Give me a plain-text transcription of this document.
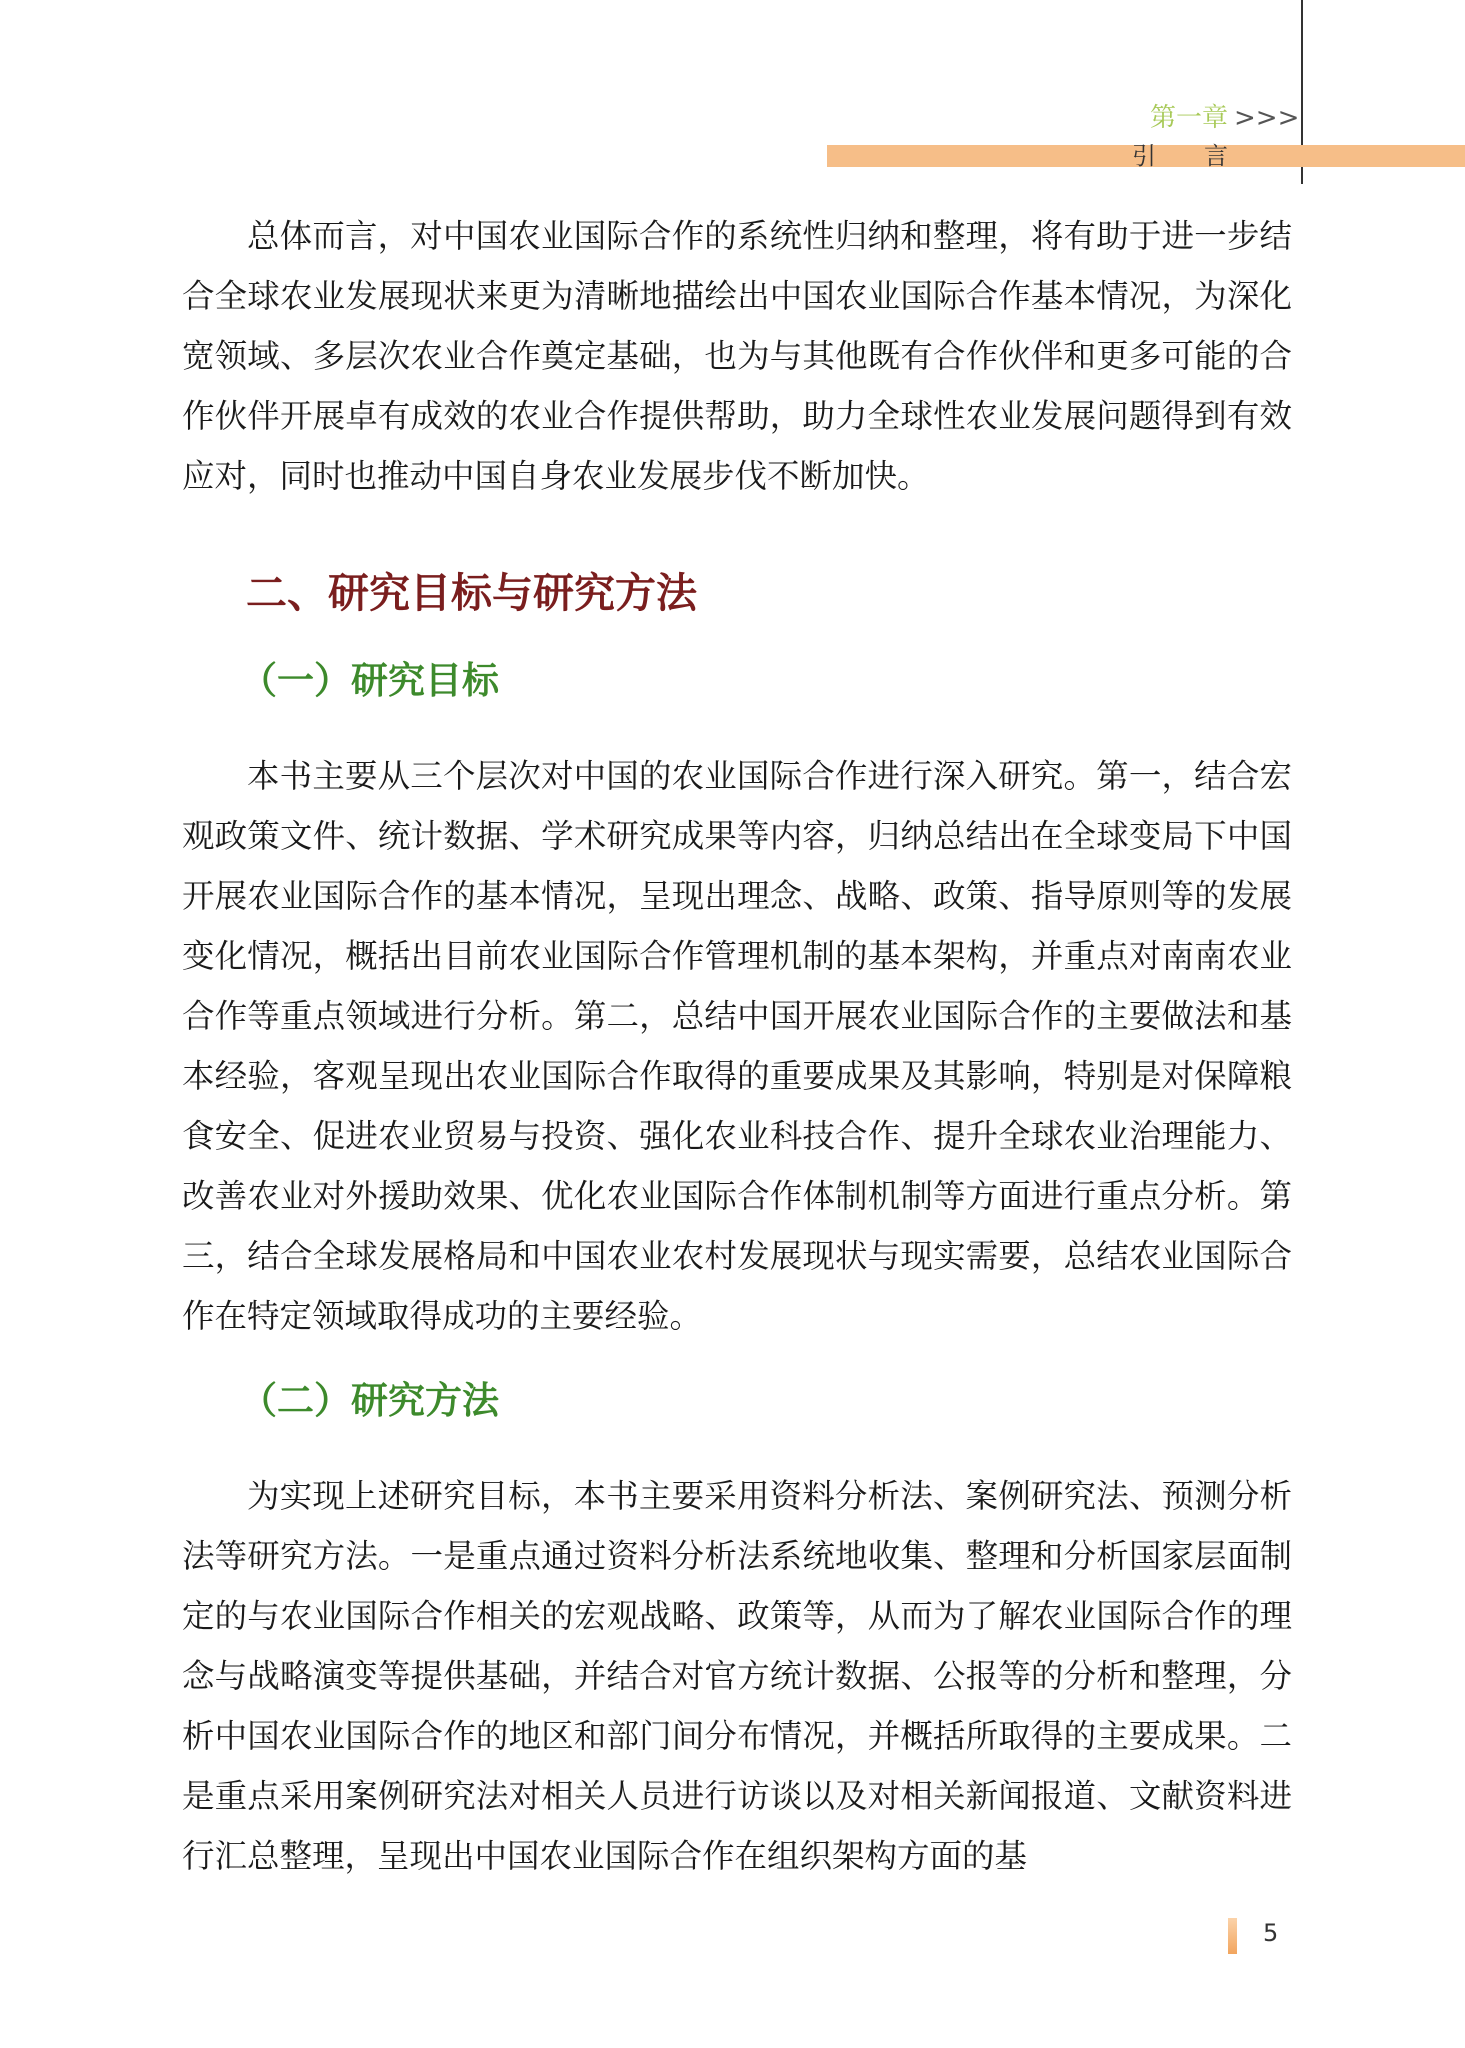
第一章 >>>
引言

总体而言，对中国农业国际合作的系统性归纳和整理，将有助于进一步结合全球农业发展现状来更为清晰地描绘出中国农业国际合作基本情况，为深化宽领域、多层次农业合作奠定基础，也为与其他既有合作伙伴和更多可能的合作伙伴开展卓有成效的农业合作提供帮助，助力全球性农业发展问题得到有效应对，同时也推动中国自身农业发展步伐不断加快。

二、研究目标与研究方法
（一）研究目标

本书主要从三个层次对中国的农业国际合作进行深入研究。第一，结合宏观政策文件、统计数据、学术研究成果等内容，归纳总结出在全球变局下中国开展农业国际合作的基本情况，呈现出理念、战略、政策、指导原则等的发展变化情况，概括出目前农业国际合作管理机制的基本架构，并重点对南南农业合作等重点领域进行分析。第二，总结中国开展农业国际合作的主要做法和基本经验，客观呈现出农业国际合作取得的重要成果及其影响，特别是对保障粮食安全、促进农业贸易与投资、强化农业科技合作、提升全球农业治理能力、改善农业对外援助效果、优化农业国际合作体制机制等方面进行重点分析。第三，结合全球发展格局和中国农业农村发展现状与现实需要，总结农业国际合作在特定领域取得成功的主要经验。

（二）研究方法

为实现上述研究目标，本书主要采用资料分析法、案例研究法、预测分析法等研究方法。一是重点通过资料分析法系统地收集、整理和分析国家层面制定的与农业国际合作相关的宏观战略、政策等，从而为了解农业国际合作的理念与战略演变等提供基础，并结合对官方统计数据、公报等的分析和整理，分析中国农业国际合作的地区和部门间分布情况，并概括所取得的主要成果。二是重点采用案例研究法对相关人员进行访谈以及对相关新闻报道、文献资料进行汇总整理，呈现出中国农业国际合作在组织架构方面的基

5
